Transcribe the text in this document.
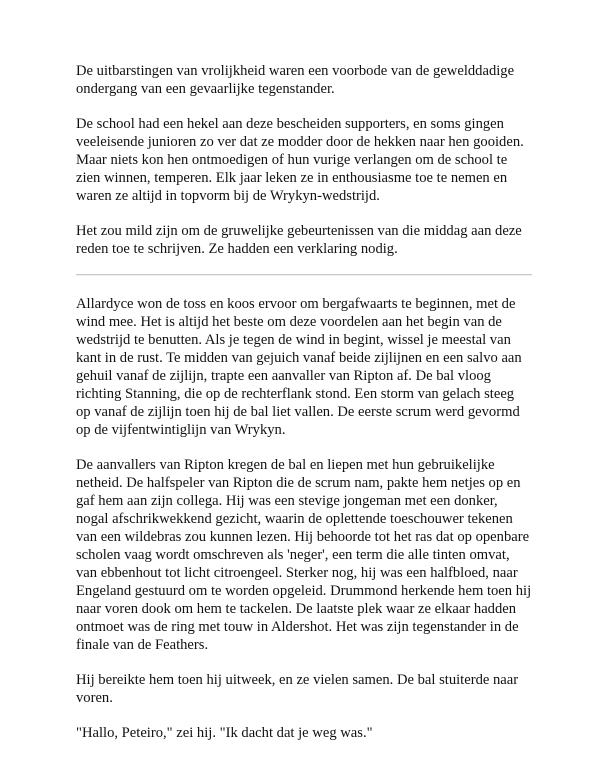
De uitbarstingen van vrolijkheid waren een voorbode van de gewelddadige ondergang van een gevaarlijke tegenstander.

De school had een hekel aan deze bescheiden supporters, en soms gingen veeleisende junioren zo ver dat ze modder door de hekken naar hen gooiden. Maar niets kon hen ontmoedigen of hun vurige verlangen om de school te zien winnen, temperen. Elk jaar leken ze in enthousiasme toe te nemen en waren ze altijd in topvorm bij de Wrykyn-wedstrijd.

Het zou mild zijn om de gruwelijke gebeurtenissen van die middag aan deze reden toe te schrijven. Ze hadden een verklaring nodig.

Allardyce won de toss en koos ervoor om bergafwaarts te beginnen, met de wind mee. Het is altijd het beste om deze voordelen aan het begin van de wedstrijd te benutten. Als je tegen de wind in begint, wissel je meestal van kant in de rust. Te midden van gejuich vanaf beide zijlijnen en een salvo aan gehuil vanaf de zijlijn, trapte een aanvaller van Ripton af. De bal vloog richting Stanning, die op de rechterflank stond. Een storm van gelach steeg op vanaf de zijlijn toen hij de bal liet vallen. De eerste scrum werd gevormd op de vijfentwintiglijn van Wrykyn.

De aanvallers van Ripton kregen de bal en liepen met hun gebruikelijke netheid. De halfspeler van Ripton die de scrum nam, pakte hem netjes op en gaf hem aan zijn collega. Hij was een stevige jongeman met een donker, nogal afschrikwekkend gezicht, waarin de oplettende toeschouwer tekenen van een wildebras zou kunnen lezen. Hij behoorde tot het ras dat op openbare scholen vaag wordt omschreven als 'neger', een term die alle tinten omvat, van ebbenhout tot licht citroengeel. Sterker nog, hij was een halfbloed, naar Engeland gestuurd om te worden opgeleid. Drummond herkende hem toen hij naar voren dook om hem te tackelen. De laatste plek waar ze elkaar hadden ontmoet was de ring met touw in Aldershot. Het was zijn tegenstander in de finale van de Feathers.

Hij bereikte hem toen hij uitweek, en ze vielen samen. De bal stuiterde naar voren.

"Hallo, Peteiro," zei hij. "Ik dacht dat je weg was."
